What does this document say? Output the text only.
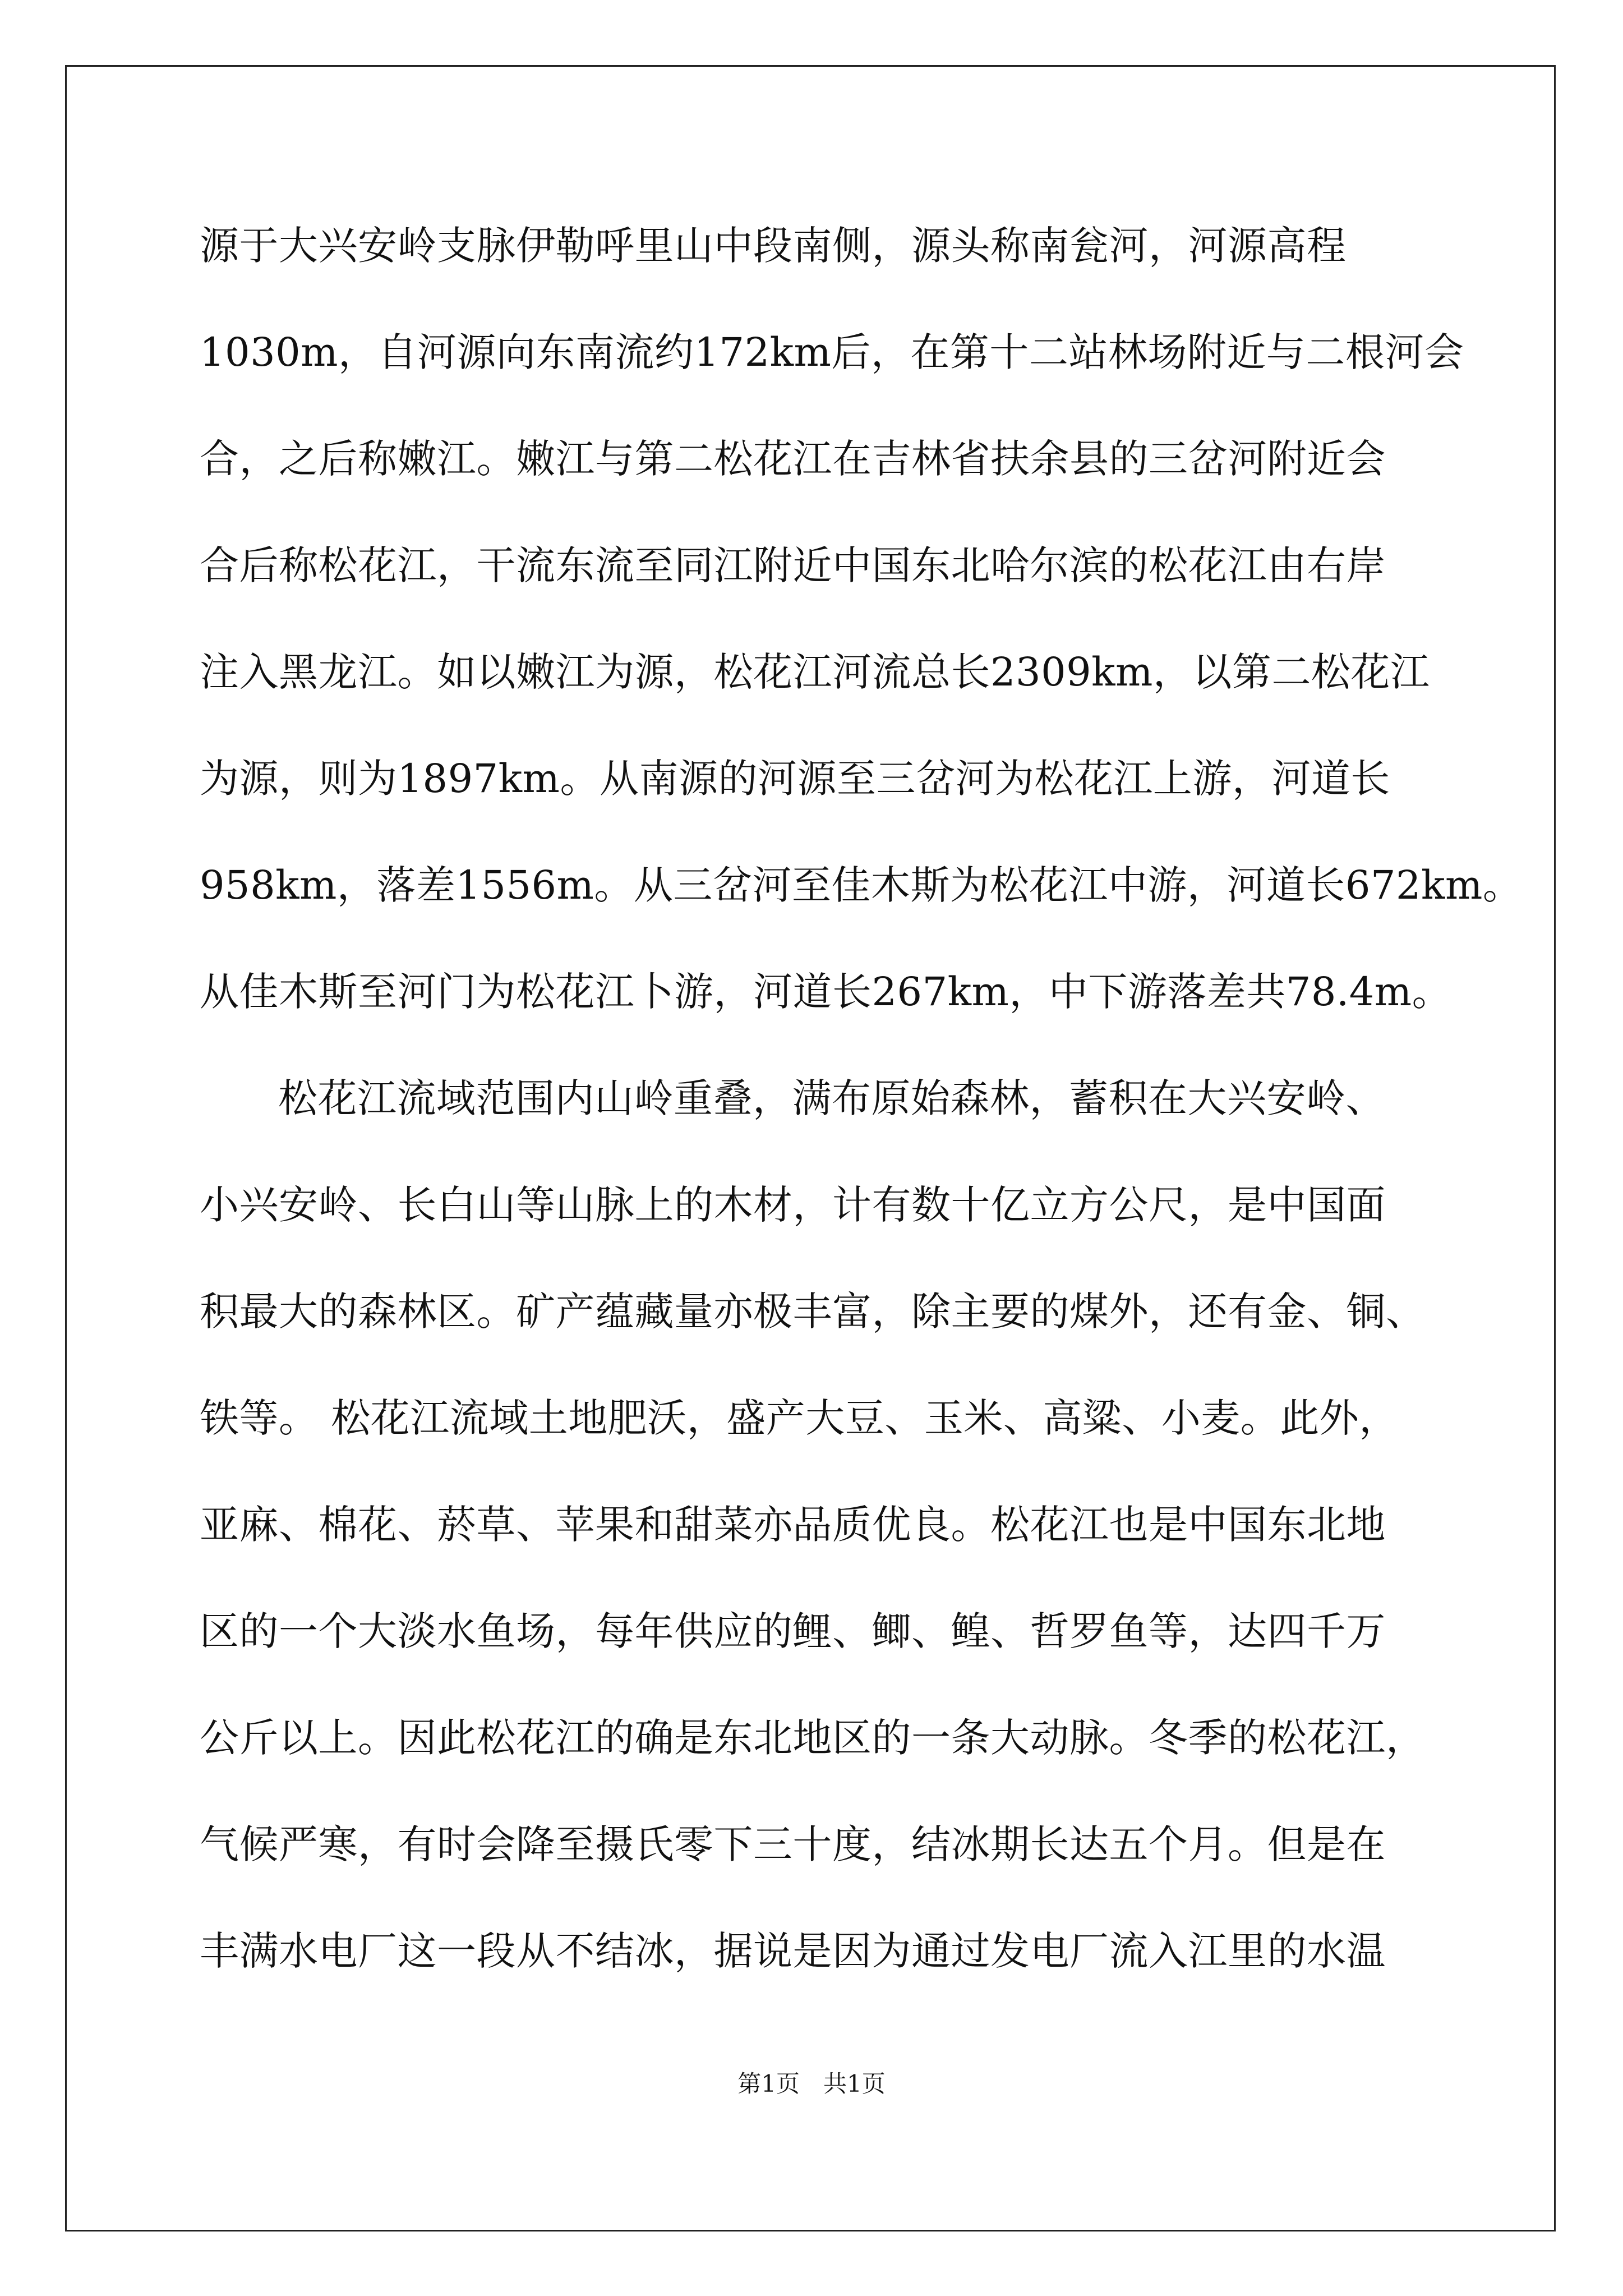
源于大兴安岭支脉伊勒呼里山中段南侧，源头称南瓮河，河源高程
1030m，自河源向东南流约172km后，在第十二站林场附近与二根河会
合，之后称嫩江。嫩江与第二松花江在吉林省扶余县的三岔河附近会
合后称松花江，干流东流至同江附近中国东北哈尔滨的松花江由右岸
注入黑龙江。如以嫩江为源，松花江河流总长2309km，以第二松花江
为源，则为1897km。从南源的河源至三岔河为松花江上游，河道长
958km，落差1556m。从三岔河至佳木斯为松花江中游，河道长672km。
从佳木斯至河门为松花江卜游，河道长267km，中下游落差共78.4m。
松花江流域范围内山岭重叠，满布原始森林，蓄积在大兴安岭、
小兴安岭、长白山等山脉上的木材，计有数十亿立方公尺，是中国面
积最大的森林区。矿产蕴藏量亦极丰富，除主要的煤外，还有金、铜、
铁等。 松花江流域土地肥沃，盛产大豆、玉米、高粱、小麦。此外，
亚麻、棉花、菸草、苹果和甜菜亦品质优良。松花江也是中国东北地
区的一个大淡水鱼场，每年供应的鲤、鲫、鳇、哲罗鱼等，达四千万
公斤以上。因此松花江的确是东北地区的一条大动脉。冬季的松花江，
气候严寒，有时会降至摄氏零下三十度，结冰期长达五个月。但是在
丰满水电厂这一段从不结冰，据说是因为通过发电厂流入江里的水温
第1页　共1页
